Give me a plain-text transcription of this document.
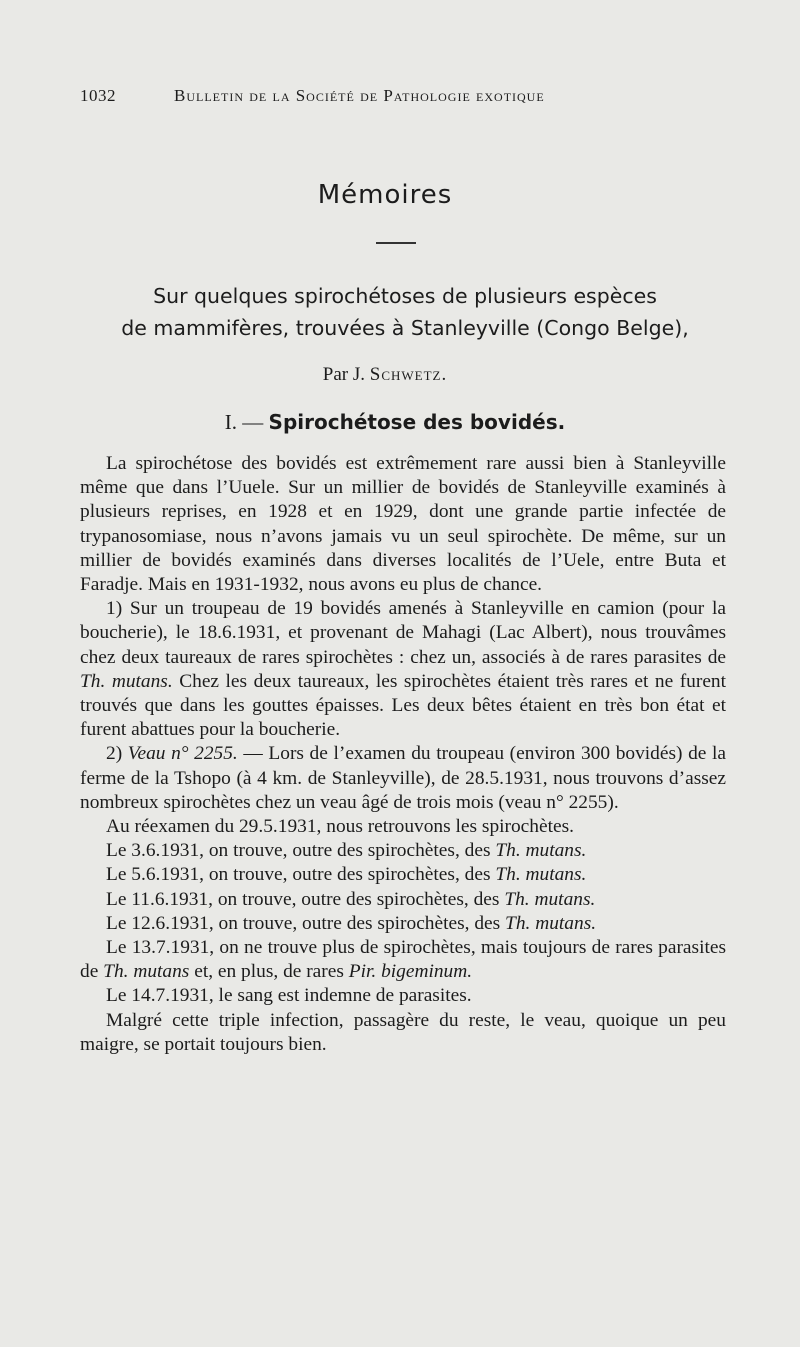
1032	Bulletin de la Société de Pathologie exotique
Mémoires
Sur quelques spirochétoses de plusieurs espèces
de mammifères, trouvées à Stanleyville (Congo Belge),
Par J. Schwetz.
I. — Spirochétose des bovidés.

La spirochétose des bovidés est extrêmement rare aussi bien à Stanleyville même que dans l’Uuele. Sur un millier de bovidés de Stanleyville examinés à plusieurs reprises, en 1928 et en 1929, dont une grande partie infectée de trypanosomiase, nous n’avons jamais vu un seul spirochète. De même, sur un millier de bovidés examinés dans diverses localités de l’Uele, entre Buta et Faradje. Mais en 1931-1932, nous avons eu plus de chance.

1) Sur un troupeau de 19 bovidés amenés à Stanleyville en camion (pour la boucherie), le 18.6.1931, et provenant de Mahagi (Lac Albert), nous trouvâmes chez deux taureaux de rares spirochètes : chez un, associés à de rares parasites de Th. mutans. Chez les deux taureaux, les spirochètes étaient très rares et ne furent trouvés que dans les gouttes épaisses. Les deux bêtes étaient en très bon état et furent abattues pour la boucherie.

2) Veau n° 2255. — Lors de l’examen du troupeau (environ 300 bovidés) de la ferme de la Tshopo (à 4 km. de Stanleyville), de 28.5.1931, nous trouvons d’assez nombreux spirochètes chez un veau âgé de trois mois (veau n° 2255).

Au réexamen du 29.5.1931, nous retrouvons les spirochètes.

Le 3.6.1931, on trouve, outre des spirochètes, des Th. mutans.

Le 5.6.1931, on trouve, outre des spirochètes, des Th. mutans.

Le 11.6.1931, on trouve, outre des spirochètes, des Th. mutans.

Le 12.6.1931, on trouve, outre des spirochètes, des Th. mutans.

Le 13.7.1931, on ne trouve plus de spirochètes, mais toujours de rares parasites de Th. mutans et, en plus, de rares Pir. bigeminum.

Le 14.7.1931, le sang est indemne de parasites.

Malgré cette triple infection, passagère du reste, le veau, quoique un peu maigre, se portait toujours bien.
